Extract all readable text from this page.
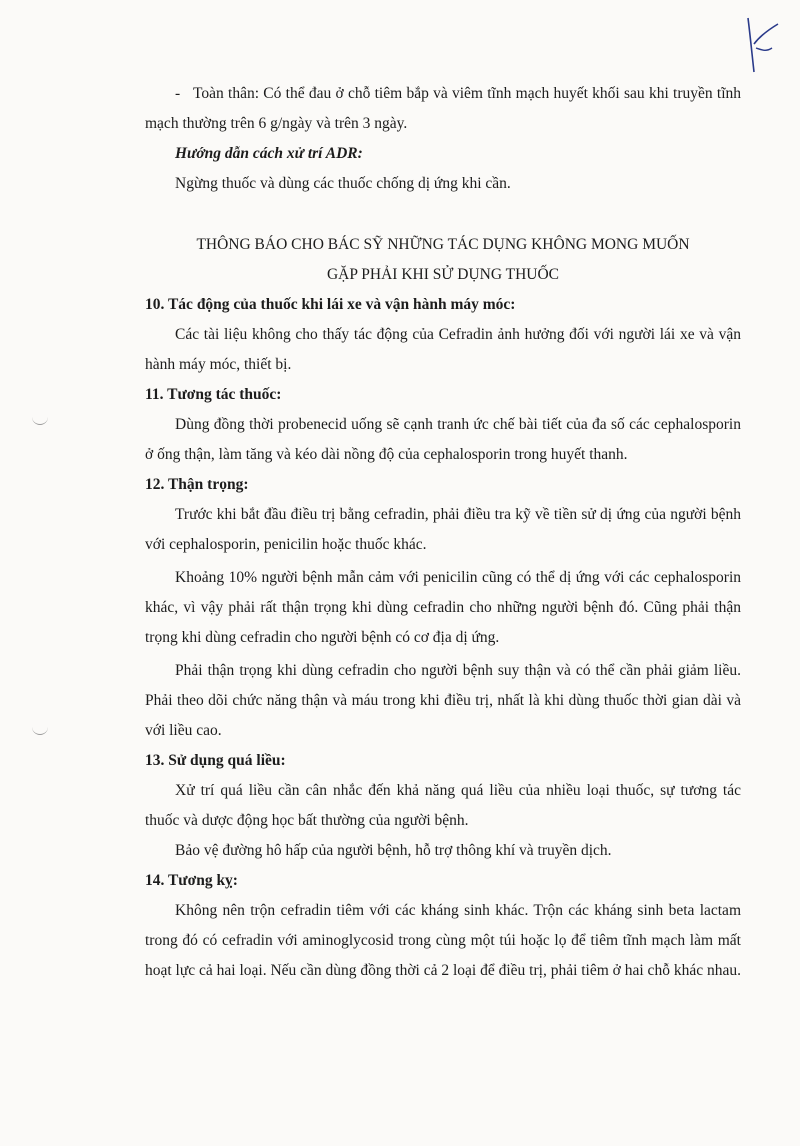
- Toàn thân: Có thể đau ở chỗ tiêm bắp và viêm tĩnh mạch huyết khối sau khi truyền tĩnh mạch thường trên 6 g/ngày và trên 3 ngày.

Hướng dẫn cách xử trí ADR:

Ngừng thuốc và dùng các thuốc chống dị ứng khi cần.

THÔNG BÁO CHO BÁC SỸ NHỮNG TÁC DỤNG KHÔNG MONG MUỐN

GẶP PHẢI KHI SỬ DỤNG THUỐC

10. Tác động của thuốc khi lái xe và vận hành máy móc:

Các tài liệu không cho thấy tác động của Cefradin ảnh hưởng đối với người lái xe và vận hành máy móc, thiết bị.

11. Tương tác thuốc:

Dùng đồng thời probenecid uống sẽ cạnh tranh ức chế bài tiết của đa số các cephalosporin ở ống thận, làm tăng và kéo dài nồng độ của cephalosporin trong huyết thanh.

12. Thận trọng:

Trước khi bắt đầu điều trị bằng cefradin, phải điều tra kỹ về tiền sử dị ứng của người bệnh với cephalosporin, penicilin hoặc thuốc khác.

Khoảng 10% người bệnh mẫn cảm với penicilin cũng có thể dị ứng với các cephalosporin khác, vì vậy phải rất thận trọng khi dùng cefradin cho những người bệnh đó. Cũng phải thận trọng khi dùng cefradin cho người bệnh có cơ địa dị ứng.

Phải thận trọng khi dùng cefradin cho người bệnh suy thận và có thể cần phải giảm liều. Phải theo dõi chức năng thận và máu trong khi điều trị, nhất là khi dùng thuốc thời gian dài và với liều cao.

13. Sử dụng quá liều:

Xử trí quá liều cần cân nhắc đến khả năng quá liều của nhiều loại thuốc, sự tương tác thuốc và dược động học bất thường của người bệnh.

Bảo vệ đường hô hấp của người bệnh, hỗ trợ thông khí và truyền dịch.

14. Tương kỵ:

Không nên trộn cefradin tiêm với các kháng sinh khác. Trộn các kháng sinh beta lactam trong đó có cefradin với aminoglycosid trong cùng một túi hoặc lọ để tiêm tĩnh mạch làm mất hoạt lực cả hai loại. Nếu cần dùng đồng thời cả 2 loại để điều trị, phải tiêm ở hai chỗ khác nhau.
